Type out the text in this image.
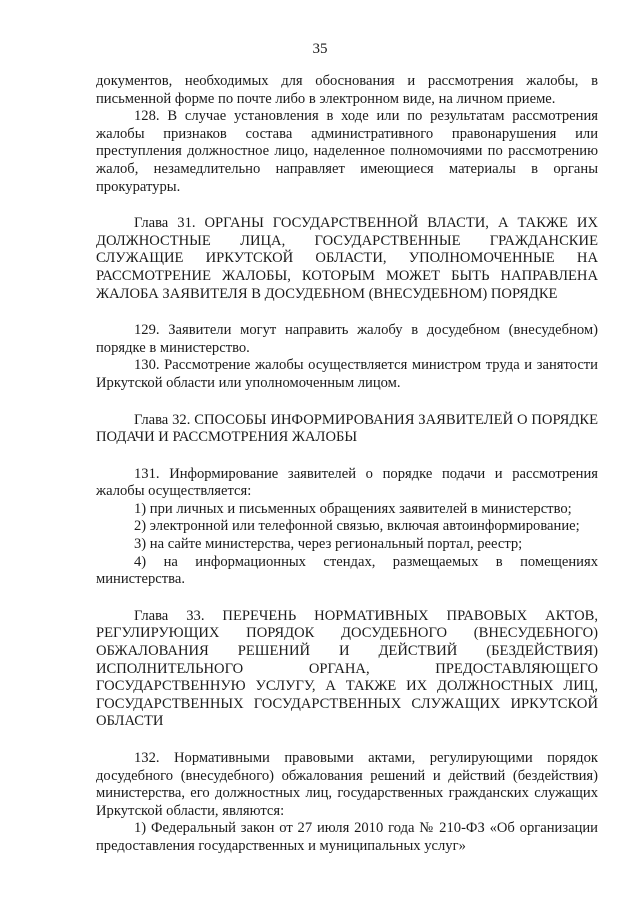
35

документов, необходимых для обоснования и рассмотрения жалобы, в письменной форме по почте либо в электронном виде, на личном приеме.

128. В случае установления в ходе или по результатам рассмотрения жалобы признаков состава административного правонарушения или преступления должностное лицо, наделенное полномочиями по рассмотрению жалоб, незамедлительно направляет имеющиеся материалы в органы прокуратуры.

Глава 31. ОРГАНЫ ГОСУДАРСТВЕННОЙ ВЛАСТИ, А ТАКЖЕ ИХ ДОЛЖНОСТНЫЕ ЛИЦА, ГОСУДАРСТВЕННЫЕ ГРАЖДАНСКИЕ СЛУЖАЩИЕ ИРКУТСКОЙ ОБЛАСТИ, УПОЛНОМОЧЕННЫЕ НА РАССМОТРЕНИЕ ЖАЛОБЫ, КОТОРЫМ МОЖЕТ БЫТЬ НАПРАВЛЕНА ЖАЛОБА ЗАЯВИТЕЛЯ В ДОСУДЕБНОМ (ВНЕСУДЕБНОМ) ПОРЯДКЕ

129. Заявители могут направить жалобу в досудебном (внесудебном) порядке в министерство.

130. Рассмотрение жалобы осуществляется министром труда и занятости Иркутской области или уполномоченным лицом.

Глава 32. СПОСОБЫ ИНФОРМИРОВАНИЯ ЗАЯВИТЕЛЕЙ О ПОРЯДКЕ ПОДАЧИ И РАССМОТРЕНИЯ ЖАЛОБЫ

131. Информирование заявителей о порядке подачи и рассмотрения жалобы осуществляется:

1) при личных и письменных обращениях заявителей в министерство;

2) электронной или телефонной связью, включая автоинформирование;

3) на сайте министерства, через региональный портал, реестр;

4) на информационных стендах, размещаемых в помещениях министерства.

Глава 33. ПЕРЕЧЕНЬ НОРМАТИВНЫХ ПРАВОВЫХ АКТОВ, РЕГУЛИРУЮЩИХ ПОРЯДОК ДОСУДЕБНОГО (ВНЕСУДЕБНОГО) ОБЖАЛОВАНИЯ РЕШЕНИЙ И ДЕЙСТВИЙ (БЕЗДЕЙСТВИЯ) ИСПОЛНИТЕЛЬНОГО ОРГАНА, ПРЕДОСТАВЛЯЮЩЕГО ГОСУДАРСТВЕННУЮ УСЛУГУ, А ТАКЖЕ ИХ ДОЛЖНОСТНЫХ ЛИЦ, ГОСУДАРСТВЕННЫХ ГОСУДАРСТВЕННЫХ СЛУЖАЩИХ ИРКУТСКОЙ ОБЛАСТИ

132. Нормативными правовыми актами, регулирующими порядок досудебного (внесудебного) обжалования решений и действий (бездействия) министерства, его должностных лиц, государственных гражданских служащих Иркутской области, являются:

1) Федеральный закон от 27 июля 2010 года № 210-ФЗ «Об организации предоставления государственных и муниципальных услуг»
